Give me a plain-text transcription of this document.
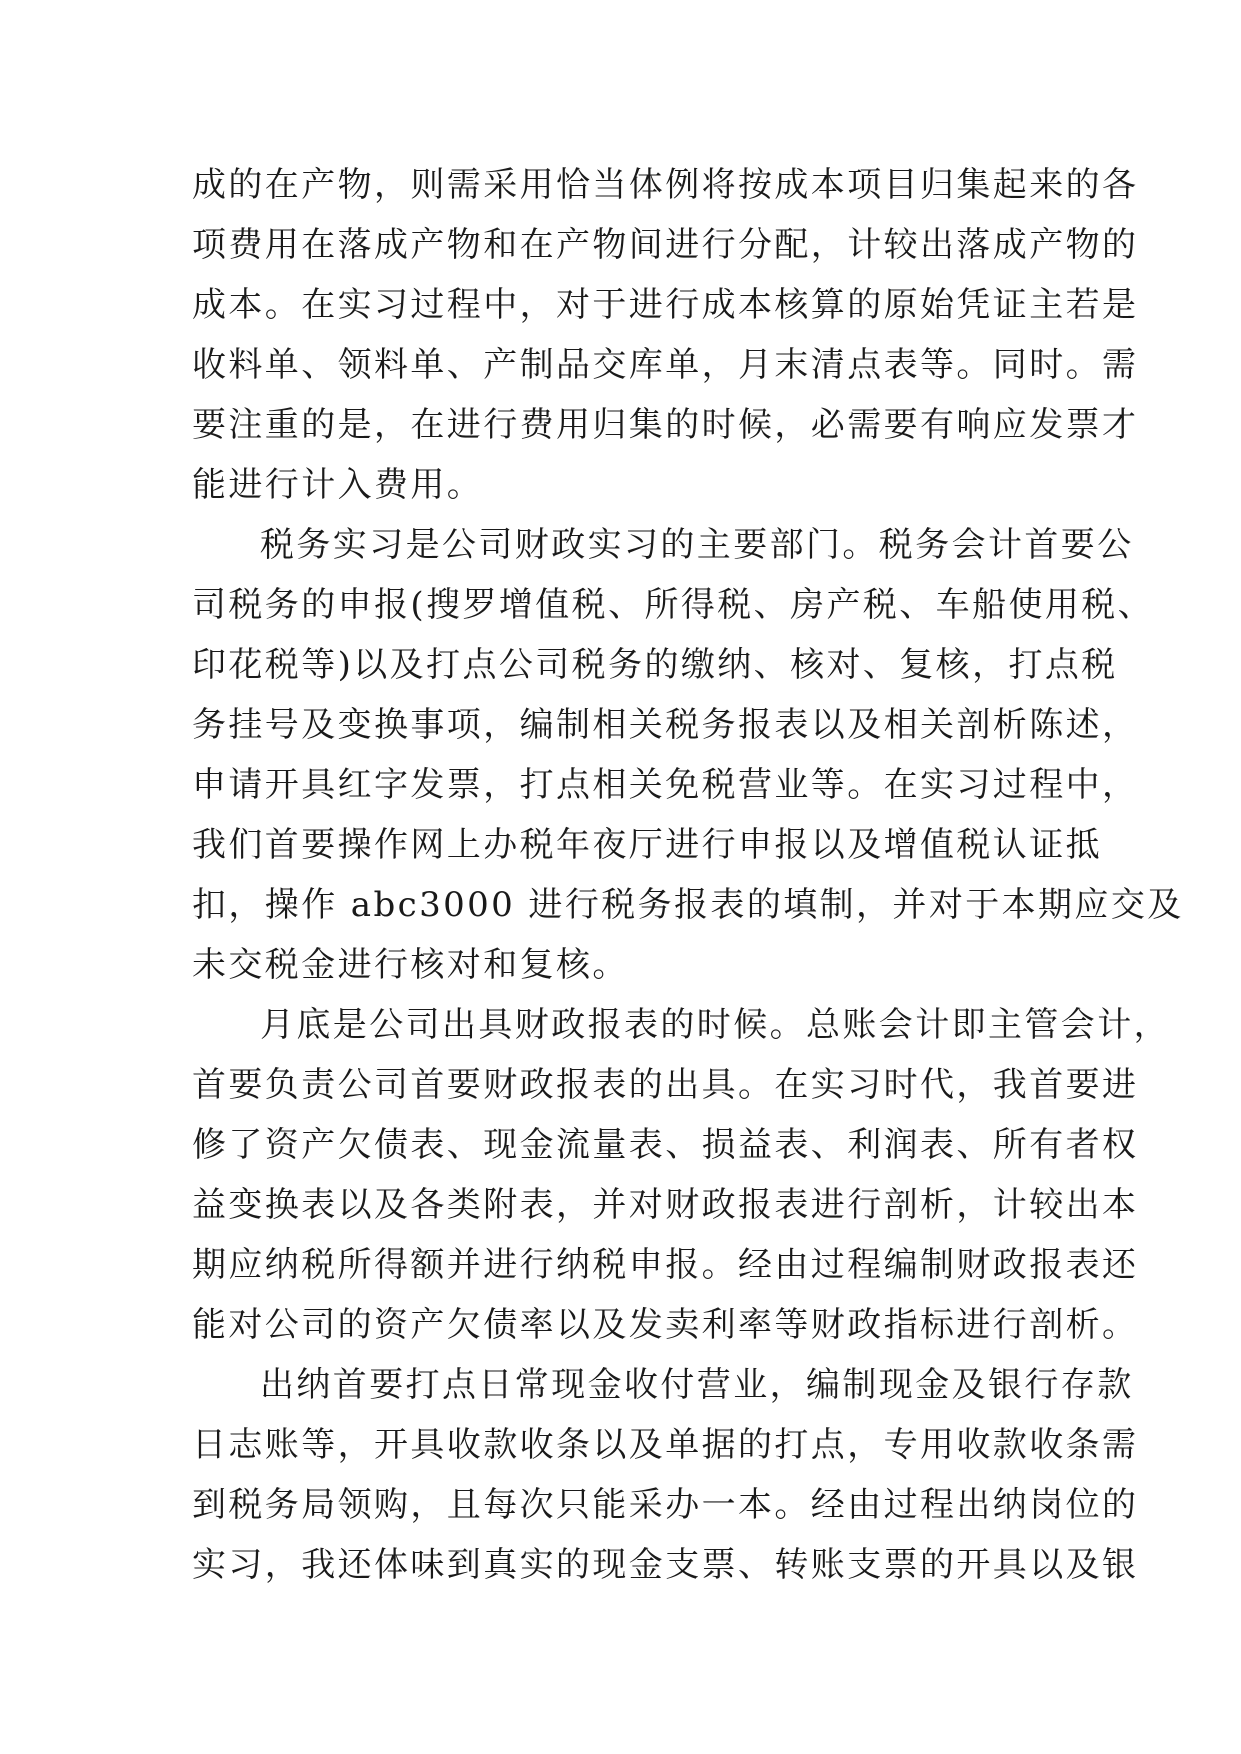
成的在产物，则需采用恰当体例将按成本项目归集起来的各
项费用在落成产物和在产物间进行分配，计较出落成产物的
成本。在实习过程中，对于进行成本核算的原始凭证主若是
收料单、领料单、产制品交库单，月末清点表等。同时。需
要注重的是，在进行费用归集的时候，必需要有响应发票才
能进行计入费用。
税务实习是公司财政实习的主要部门。税务会计首要公
司税务的申报(搜罗增值税、所得税、房产税、车船使用税、
印花税等)以及打点公司税务的缴纳、核对、复核，打点税
务挂号及变换事项，编制相关税务报表以及相关剖析陈述，
申请开具红字发票，打点相关免税营业等。在实习过程中，
我们首要操作网上办税年夜厅进行申报以及增值税认证抵
扣，操作 abc3000 进行税务报表的填制，并对于本期应交及
未交税金进行核对和复核。
月底是公司出具财政报表的时候。总账会计即主管会计，
首要负责公司首要财政报表的出具。在实习时代，我首要进
修了资产欠债表、现金流量表、损益表、利润表、所有者权
益变换表以及各类附表，并对财政报表进行剖析，计较出本
期应纳税所得额并进行纳税申报。经由过程编制财政报表还
能对公司的资产欠债率以及发卖利率等财政指标进行剖析。
出纳首要打点日常现金收付营业，编制现金及银行存款
日志账等，开具收款收条以及单据的打点，专用收款收条需
到税务局领购，且每次只能采办一本。经由过程出纳岗位的
实习，我还体味到真实的现金支票、转账支票的开具以及银
